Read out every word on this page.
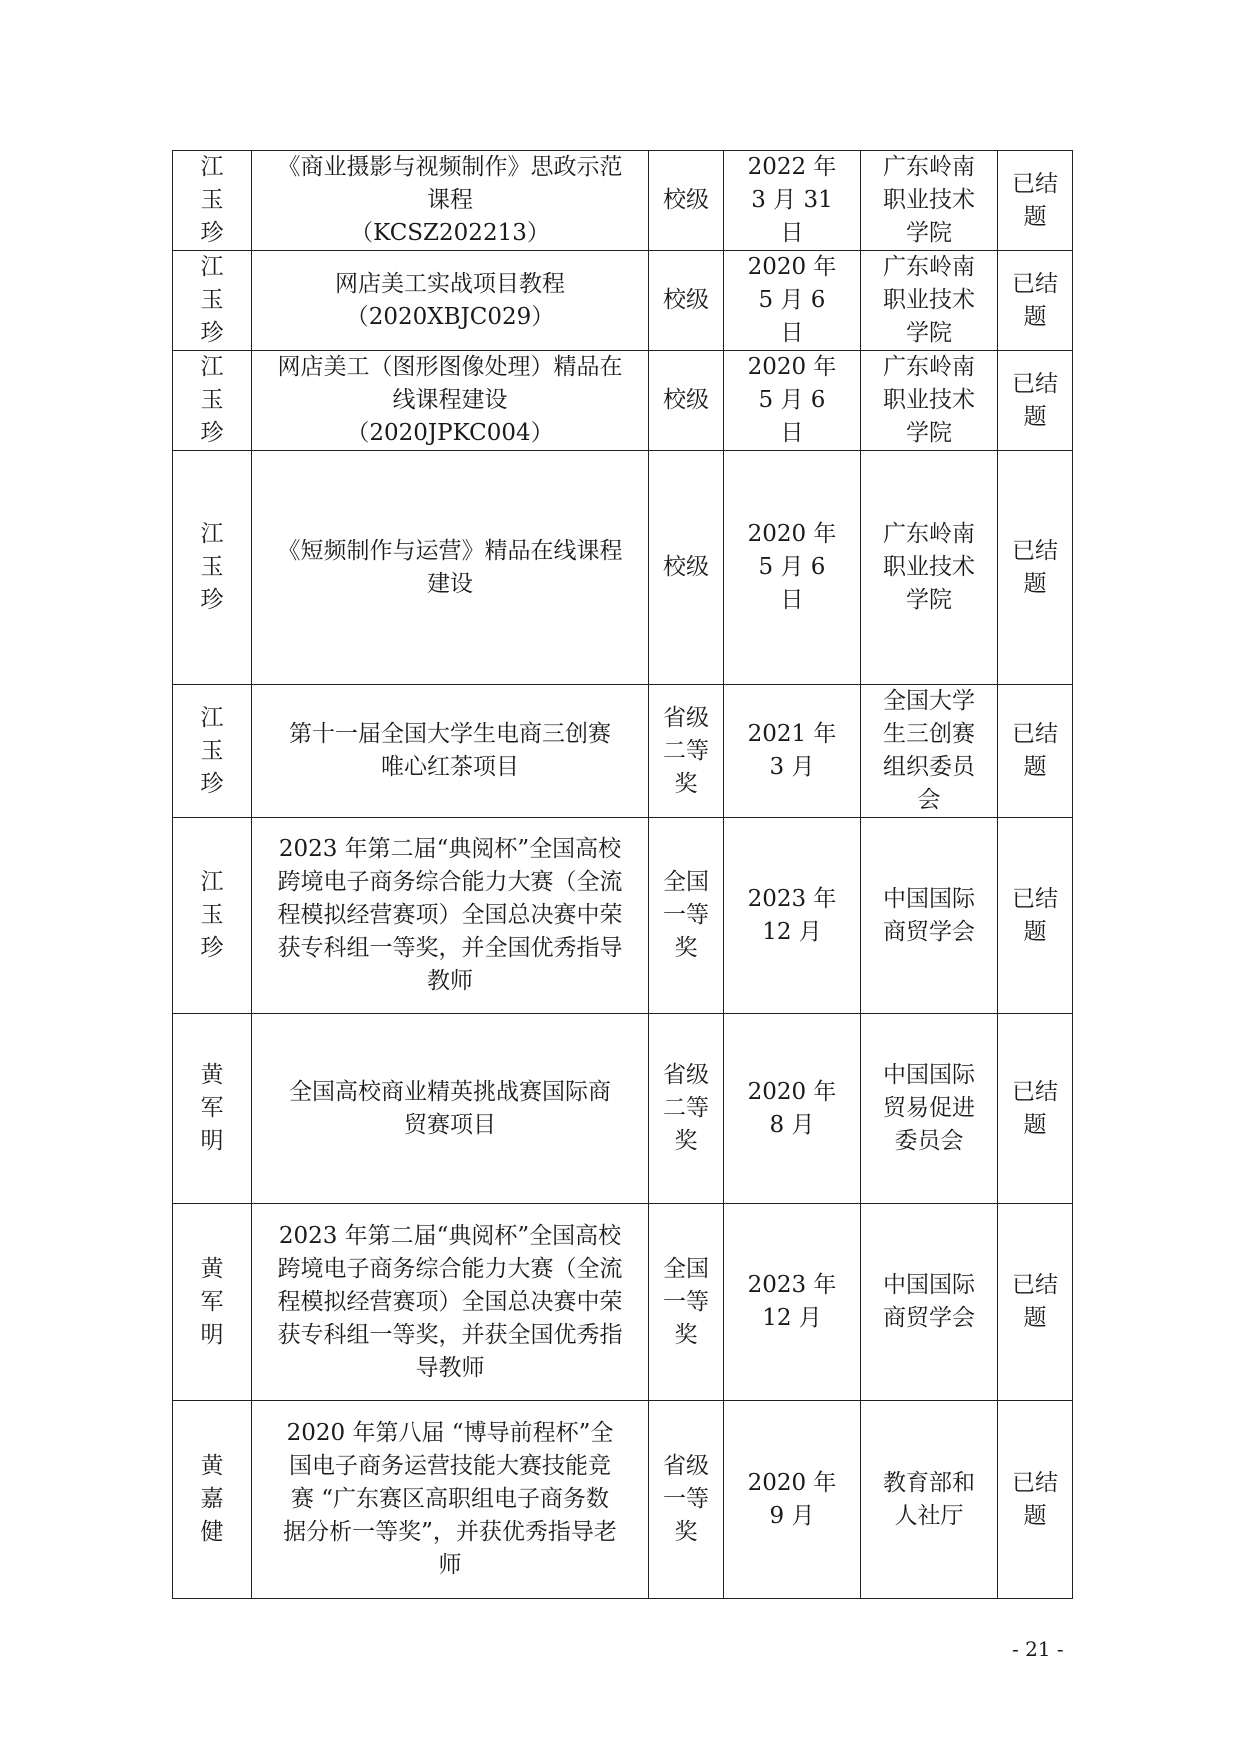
江玉珍	《商业摄影与视频制作》思政示范
课程
（KCSZ202213）	校级	2022 年 3 月 31 日	广东岭南职业技术学院	已结题
江玉珍	网店美工实战项目教程
（2020XBJC029）	校级	2020 年 5 月 6 日	广东岭南职业技术学院	已结题
江玉珍	网店美工（图形图像处理）精品在
线课程建设
（2020JPKC004）	校级	2020 年 5 月 6 日	广东岭南职业技术学院	已结题
江玉珍	《短频制作与运营》精品在线课程
建设	校级	2020 年 5 月 6 日	广东岭南职业技术学院	已结题
江玉珍	第十一届全国大学生电商三创赛
唯心红茶项目	省级二等奖	2021 年 3 月	全国大学生三创赛组织委员会	已结题
江玉珍	2023 年第二届“典阅杯”全国高校
跨境电子商务综合能力大赛（全流
程模拟经营赛项）全国总决赛中荣
获专科组一等奖，并全国优秀指导
教师	全国一等奖	2023 年 12 月	中国国际商贸学会	已结题
黄军明	全国高校商业精英挑战赛国际商
贸赛项目	省级二等奖	2020 年 8 月	中国国际贸易促进委员会	已结题
黄军明	2023 年第二届“典阅杯”全国高校
跨境电子商务综合能力大赛（全流
程模拟经营赛项）全国总决赛中荣
获专科组一等奖，并获全国优秀指
导教师	全国一等奖	2023 年 12 月	中国国际商贸学会	已结题
黄嘉健	2020 年第八届 “博导前程杯”全
国电子商务运营技能大赛技能竞
赛 “广东赛区高职组电子商务数
据分析一等奖”，并获优秀指导老
师	省级一等奖	2020 年 9 月	教育部和人社厅	已结题
- 21 -
